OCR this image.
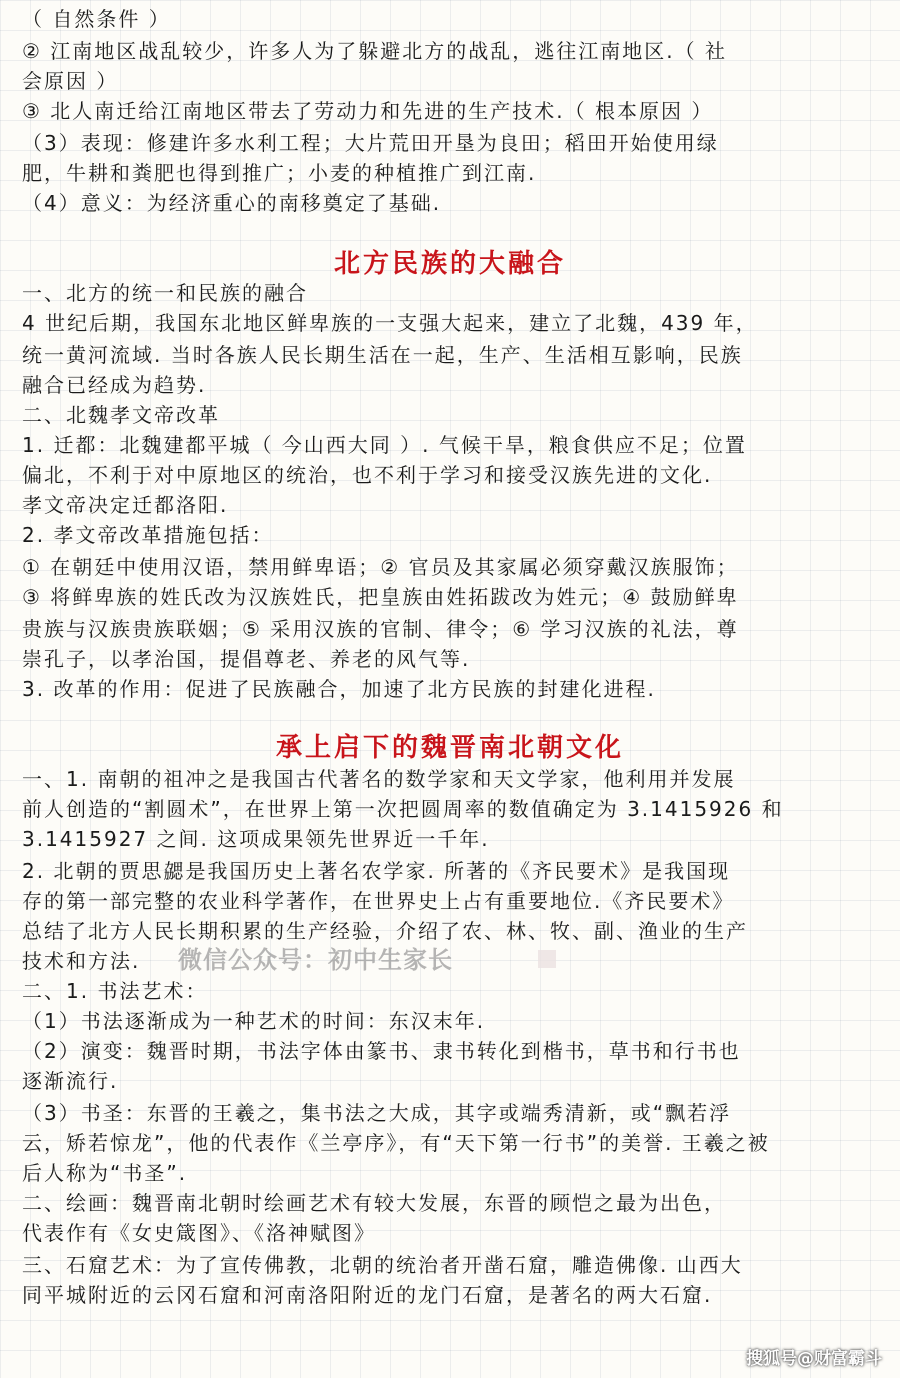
（ 自然条件 ）
② 江南地区战乱较少，许多人为了躲避北方的战乱，逃往江南地区.（ 社
会原因 ）
③ 北人南迁给江南地区带去了劳动力和先进的生产技术.（ 根本原因 ）
（3）表现：修建许多水利工程；大片荒田开垦为良田；稻田开始使用绿
肥，牛耕和粪肥也得到推广；小麦的种植推广到江南.
（4）意义：为经济重心的南移奠定了基础.
一、北方的统一和民族的融合
4 世纪后期，我国东北地区鲜卑族的一支强大起来，建立了北魏，439 年，
统一黄河流域. 当时各族人民长期生活在一起，生产、生活相互影响，民族
融合已经成为趋势.
二、北魏孝文帝改革
1. 迁都：北魏建都平城（ 今山西大同 ）. 气候干旱，粮食供应不足；位置
偏北，不利于对中原地区的统治，也不利于学习和接受汉族先进的文化.
孝文帝决定迁都洛阳.
2. 孝文帝改革措施包括：
① 在朝廷中使用汉语，禁用鲜卑语；② 官员及其家属必须穿戴汉族服饰；
③ 将鲜卑族的姓氏改为汉族姓氏，把皇族由姓拓跋改为姓元；④ 鼓励鲜卑
贵族与汉族贵族联姻；⑤ 采用汉族的官制、律令；⑥ 学习汉族的礼法，尊
崇孔子，以孝治国，提倡尊老、养老的风气等.
3. 改革的作用：促进了民族融合，加速了北方民族的封建化进程.
一、1. 南朝的祖冲之是我国古代著名的数学家和天文学家，他利用并发展
前人创造的“割圆术”，在世界上第一次把圆周率的数值确定为 3.1415926 和
3.1415927 之间. 这项成果领先世界近一千年.
2. 北朝的贾思勰是我国历史上著名农学家. 所著的《齐民要术》是我国现
存的第一部完整的农业科学著作，在世界史上占有重要地位.《齐民要术》
总结了北方人民长期积累的生产经验，介绍了农、林、牧、副、渔业的生产
技术和方法.
二、1. 书法艺术：
（1）书法逐渐成为一种艺术的时间：东汉末年.
（2）演变：魏晋时期，书法字体由篆书、隶书转化到楷书，草书和行书也
逐渐流行.
（3）书圣：东晋的王羲之，集书法之大成，其字或端秀清新，或“飘若浮
云，矫若惊龙”，他的代表作《兰亭序》，有“天下第一行书”的美誉. 王羲之被
后人称为“书圣”.
二、绘画：魏晋南北朝时绘画艺术有较大发展，东晋的顾恺之最为出色，
代表作有《女史箴图》、《洛神赋图》
三、石窟艺术：为了宣传佛教，北朝的统治者开凿石窟，雕造佛像. 山西大
同平城附近的云冈石窟和河南洛阳附近的龙门石窟，是著名的两大石窟.
北方民族的大融合
承上启下的魏晋南北朝文化
微信公众号：初中生家长
搜狐号@财富霸斗
